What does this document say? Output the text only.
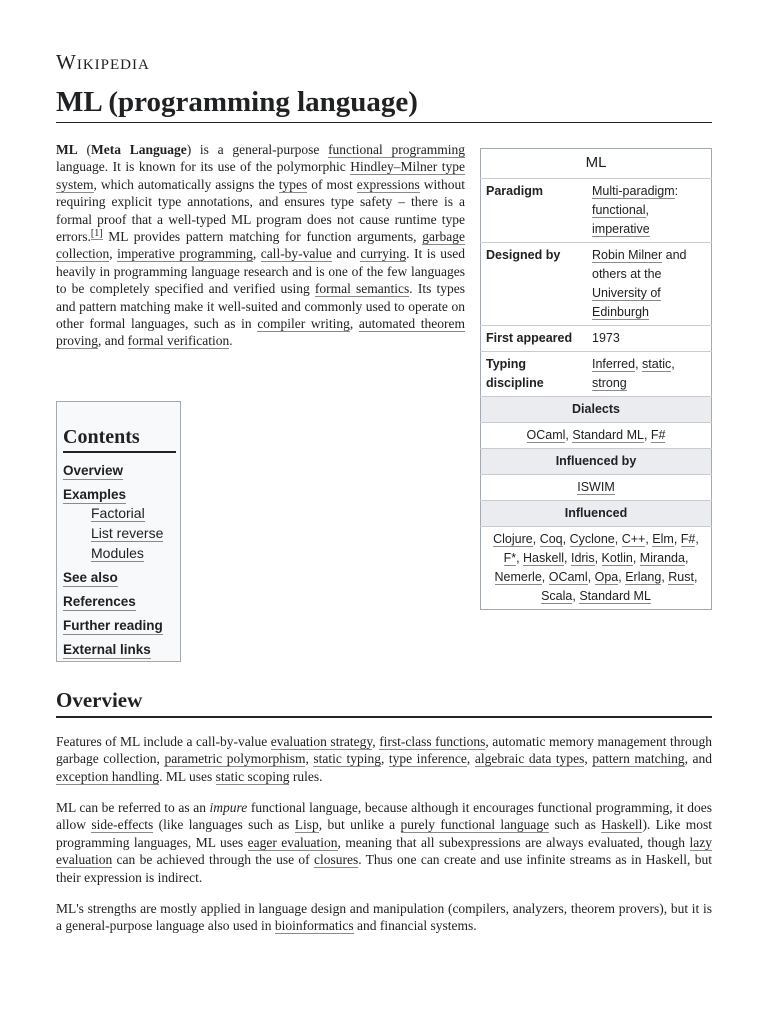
Wikipedia
ML (programming language)

ML (Meta Language) is a general-purpose functional programming language. It is known for its use of the polymorphic Hindley–Milner type system, which automatically assigns the types of most expressions without requiring explicit type annotations, and ensures type safety – there is a formal proof that a well-typed ML program does not cause runtime type errors.[1] ML provides pattern matching for function arguments, garbage collection, imperative programming, call-by-value and currying. It is used heavily in programming language research and is one of the few languages to be completely specified and verified using formal semantics. Its types and pattern matching make it well-suited and commonly used to operate on other formal languages, such as in compiler writing, automated theorem proving, and formal verification.

ML	
Paradigm	Multi-paradigm: functional, imperative
Designed by	Robin Milner and others at the University of Edinburgh
First appeared	1973
Typing discipline	Inferred, static, strong
Dialects	
OCaml, Standard ML, F#	
Influenced by	
ISWIM	
Influenced	
Clojure, Coq, Cyclone, C++, Elm, F#, F*, Haskell, Idris, Kotlin, Miranda, Nemerle, OCaml, Opa, Erlang, Rust, Scala, Standard ML	
Contents
Overview
Examples
Factorial
List reverse
Modules
See also
References
Further reading
External links
Overview

Features of ML include a call-by-value evaluation strategy, first-class functions, automatic memory management through garbage collection, parametric polymorphism, static typing, type inference, algebraic data types, pattern matching, and exception handling. ML uses static scoping rules.

ML can be referred to as an impure functional language, because although it encourages functional programming, it does allow side-effects (like languages such as Lisp, but unlike a purely functional language such as Haskell). Like most programming languages, ML uses eager evaluation, meaning that all subexpressions are always evaluated, though lazy evaluation can be achieved through the use of closures. Thus one can create and use infinite streams as in Haskell, but their expression is indirect.

ML's strengths are mostly applied in language design and manipulation (compilers, analyzers, theorem provers), but it is a general-purpose language also used in bioinformatics and financial systems.
